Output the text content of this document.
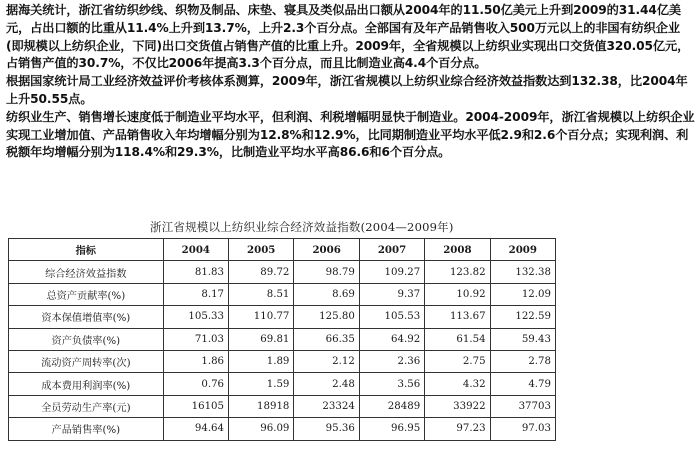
据海关统计，浙江省纺织纱线、织物及制品、床垫、寝具及类似品出口额从2004年的11.50亿美元上升到2009的31.44亿美元，占出口额的比重从11.4%上升到13.7%，上升2.3个百分点。全部国有及年产品销售收入500万元以上的非国有纺织企业(即规模以上纺织企业，下同)出口交货值占销售产值的比重上升。2009年，全省规模以上纺织业实现出口交货值320.05亿元，占销售产值的30.7%，不仅比2006年提高3.3个百分点，而且比制造业高4.4个百分点。

根据国家统计局工业经济效益评价考核体系测算，2009年，浙江省规模以上纺织业综合经济效益指数达到132.38，比2004年上升50.55点。

纺织业生产、销售增长速度低于制造业平均水平，但利润、利税增幅明显快于制造业。2004-2009年，浙江省规模以上纺织企业实现工业增加值、产品销售收入年均增幅分别为12.8%和12.9%，比同期制造业平均水平低2.9和2.6个百分点；实现利润、利税额年均增幅分别为118.4%和29.3%，比制造业平均水平高86.6和6个百分点。

浙江省规模以上纺织业综合经济效益指数(2004—2009年)
指标	2004	2005	2006	2007	2008	2009
综合经济效益指数	81.83	89.72	98.79	109.27	123.82	132.38
总资产贡献率(%)	8.17	8.51	8.69	9.37	10.92	12.09
资本保值增值率(%)	105.33	110.77	125.80	105.53	113.67	122.59
资产负债率(%)	71.03	69.81	66.35	64.92	61.54	59.43
流动资产周转率(次)	1.86	1.89	2.12	2.36	2.75	2.78
成本费用利润率(%)	0.76	1.59	2.48	3.56	4.32	4.79
全员劳动生产率(元)	16105	18918	23324	28489	33922	37703
产品销售率(%)	94.64	96.09	95.36	96.95	97.23	97.03
